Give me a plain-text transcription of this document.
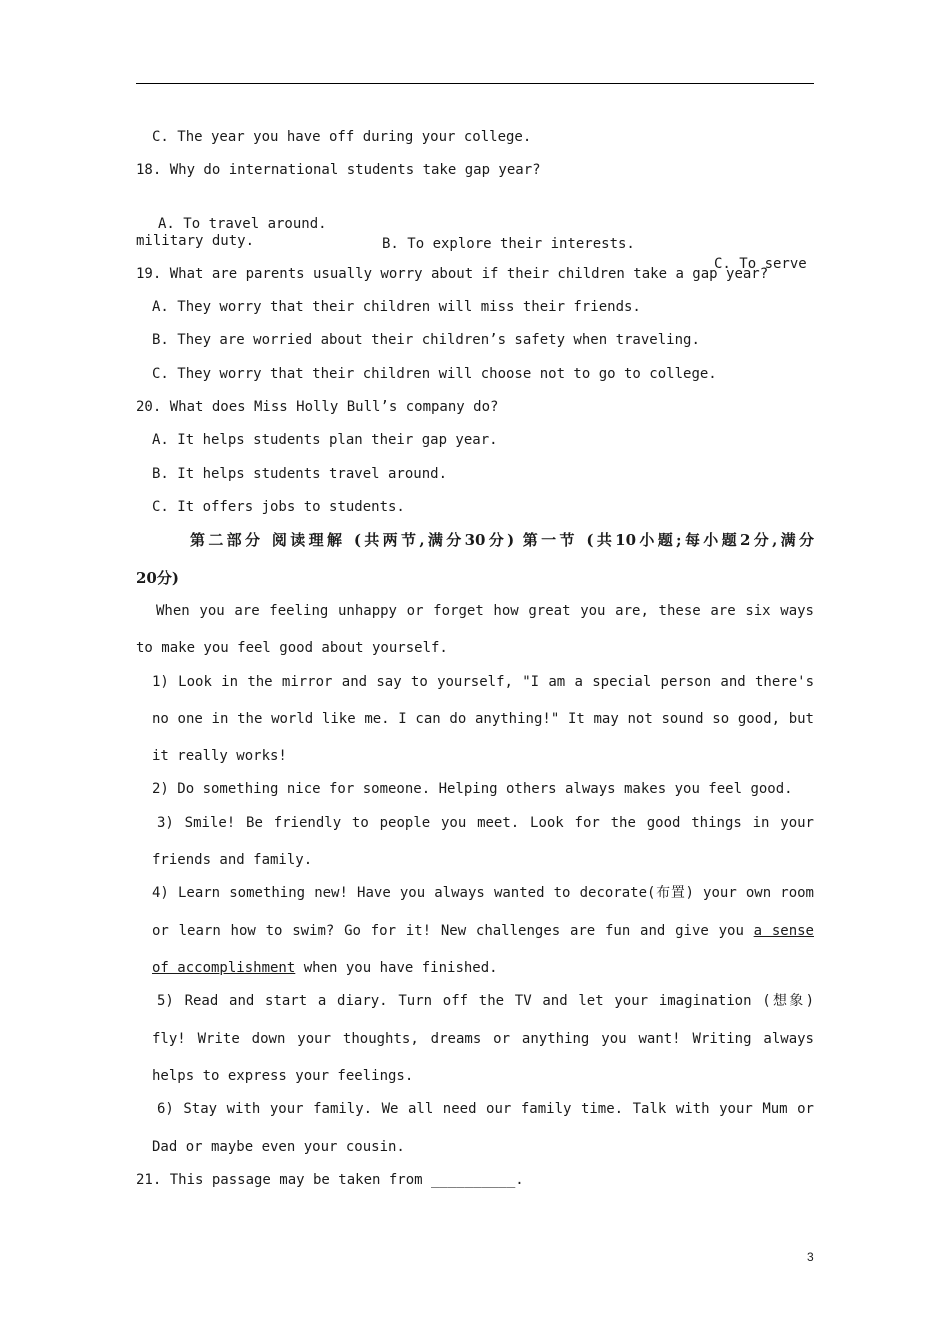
C. The year you have off during your college.
18. Why do international students take gap year?

A. To travel around.

B. To explore their interests.

C. To serve

military duty.
19. What are parents usually worry about if their children take a gap year?
A. They worry that their children will miss their friends.
B. They are worried about their children’s safety when traveling.
C. They worry that their children will choose not to go to college.
20. What does Miss Holly Bull’s company do?
A. It helps students plan their gap year.
B. It helps students travel around.
C. It offers jobs to students.
第二部分 阅读理解 (共两节,满分30分) 第一节 (共10小题;每小题2分,满分
20分)
When you are feeling unhappy or forget how great you are, these are six ways
to make you feel good about yourself.
1) Look in the mirror and say to yourself, "I am a special person and there's
no one in the world like me. I can do anything!" It may not sound so good, but
it really works!
2) Do something nice for someone. Helping others always makes you feel good.
3) Smile! Be friendly to people you meet. Look for the good things in your
friends and family.
4) Learn something new! Have you always wanted to decorate(布置) your own room
or learn how to swim? Go for it! New challenges are fun and give you a sense
of accomplishment when you have finished.
5) Read and start a diary. Turn off the TV and let your imagination (想象)
fly! Write down your thoughts, dreams or anything you want! Writing always
helps to express your feelings.
6) Stay with your family. We all need our family time. Talk with your Mum or
Dad or maybe even your cousin.
21. This passage may be taken from __________.
3
